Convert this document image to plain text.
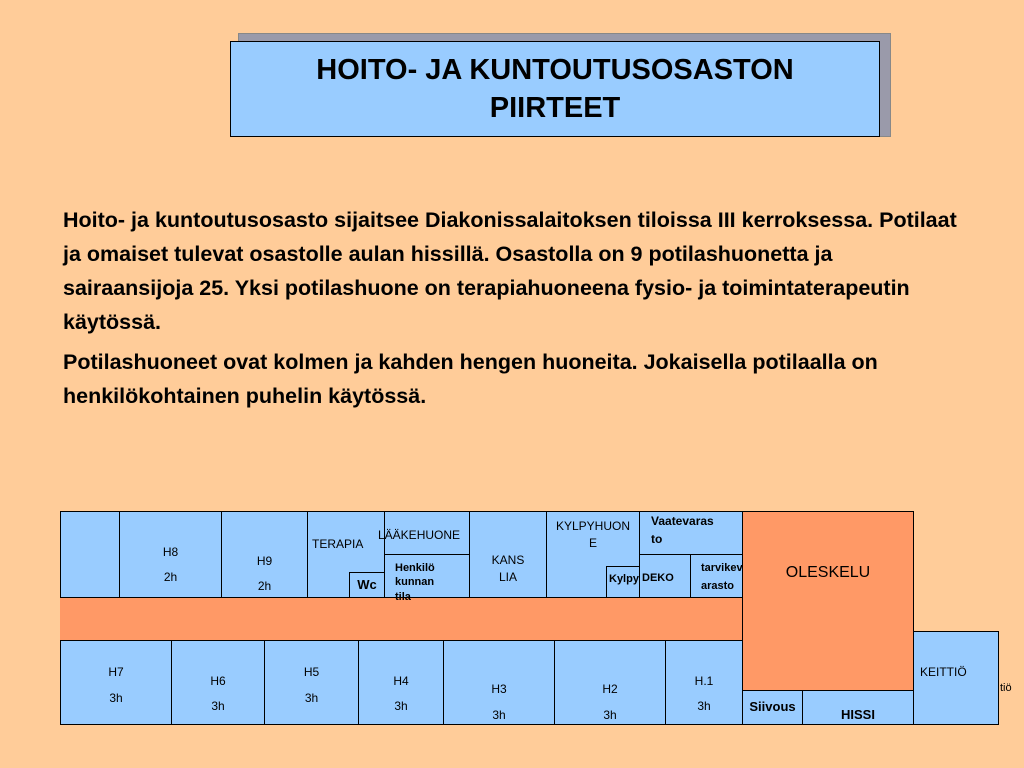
HOITO- JA KUNTOUTUSOSASTON
PIIRTEET

Hoito- ja kuntoutusosasto sijaitsee Diakonissalaitoksen tiloissa III kerroksessa. Potilaat ja omaiset tulevat osastolle aulan hissillä. Osastolla on 9 potilashuonetta ja sairaansijoja 25. Yksi potilashuone on terapiahuoneena fysio- ja toimintaterapeutin käytössä.

Potilashuoneet ovat kolmen ja kahden hengen huoneita. Jokaisella potilaalla on henkilökohtainen puhelin käytössä.

OLESKELU
H8
2h
H9
2h
TERAPIA
Wc
LÄÄKEHUONE
Henkilö
kunnan
tila
KANS
LIA
KYLPYHUON
E
Kylpy
Vaatevaras
to
DEKO
tarvikev
arasto
H7
3h
H6
3h
H5
3h
H4
3h
H3
3h
H2
3h
H.1
3h	Siivous
HISSI
KEITTIÖ
tiö
